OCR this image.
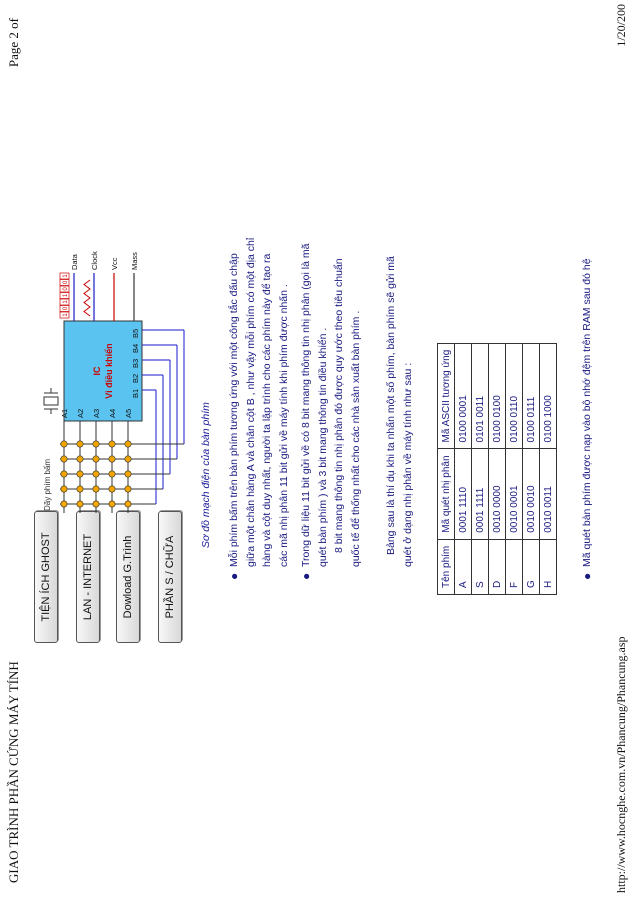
GIAO TRÌNH PHẦN CỨNG MÁY TÍNH
Page 2 of
TIỆN ÍCH GHOST	LAN - INTERNET	Dowload G.Trình	PHẦN S / CHỮA
Dãy phím bấm
IC Vi điều khiển
A1 A2 A3 A4 A5
B1
B2
B3
B4
B5
Data Clock Vcc Mass
1
0
1
1
0
0
1
Sơ đồ mạch điện của bàn phím
●
Mỗi phím bấm trên bàn phím tương ứng với một công tắc đấu chập giữa một chân hàng A và chân cột B , như vậy mỗi phím có một địa chỉ hàng và cột duy nhất, người ta lập trình cho các phím này để tạo ra các mã nhị phân 11 bit gửi về máy tính khi phím được nhấn .
●
Trong dữ liệu 11 bit gửi về có 8 bit mang thông tin nhị phân (gọi là mã quét bàn phím ) và 3 bit mang thông tin điều khiển . 8 bit mang thông tin nhị phân đó được quy ước theo tiêu chuẩn quốc tế để thống nhất cho các nhà sản xuất bàn phím . Bảng sau là thí dụ khi ta nhấn một số phím, bàn phím sẽ gửi mã quét ở dạng nhị phân về máy tính như sau :	Tên phím	Mã quét nhị phân	Mã ASCII tương ứng
A	0001 1110	0100 0001
S	0001 1111	0101 0011
D	0010 0000	0100 0100
F	0010 0001	0100 0110
G	0010 0010	0100 0111
H	0010 0011	0100 1000
●
Mã quét bàn phím được nạp vào bộ nhớ đệm trên RAM sau đó hệ
http://www.hocnghe.com.vn/Phancung/Phancung.asp
1/20/200
